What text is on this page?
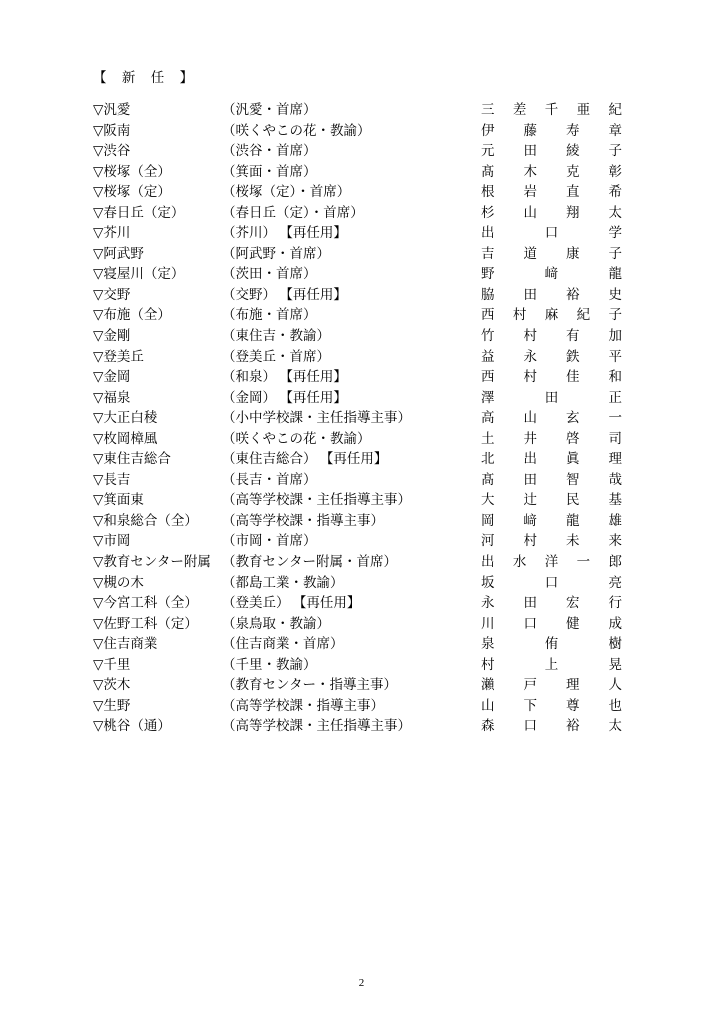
【 新 任 】
▽汎愛	（汎愛・首席）	三 差 千 亜 紀
▽阪南	（咲くやこの花・教諭）	伊 藤 寿 章
▽渋谷	（渋谷・首席）	元 田 綾 子
▽桜塚（全）	（箕面・首席）	髙 木 克 彰
▽桜塚（定）	（桜塚（定）・首席）	根 岩 直 希
▽春日丘（定）	（春日丘（定）・首席）	杉 山 翔 太
▽芥川	（芥川） 【再任用】	出	口	学
▽阿武野	（阿武野・首席）	吉 道 康 子
▽寝屋川（定）	（茨田・首席）	野	﨑	龍
▽交野	（交野） 【再任用】	脇 田 裕 史
▽布施（全）	（布施・首席）	西 村 麻 紀 子
▽金剛	（東住吉・教諭）	竹 村 有 加
▽登美丘	（登美丘・首席）	益 永 鉄 平
▽金岡	（和泉） 【再任用】	西 村 佳 和
▽福泉	（金岡） 【再任用】	澤	田	正
▽大正白稜	（小中学校課・主任指導主事）	高 山 玄 一
▽枚岡樟風	（咲くやこの花・教諭）	土 井 啓 司
▽東住吉総合	（東住吉総合） 【再任用】	北 出 眞 理
▽長吉	（長吉・首席）	髙 田 智 哉
▽箕面東	（高等学校課・主任指導主事）	大 辻 民 基
▽和泉総合（全） （高等学校課・指導主事）	岡 﨑 龍 雄
▽市岡	（市岡・首席）	河 村 未 来
▽教育センター附属 （教育センター附属・首席）	出 水 洋 一 郎
▽槻の木	（都島工業・教諭）	坂	口	亮
▽今宮工科（全） （登美丘） 【再任用】	永 田 宏 行
▽佐野工科（定） （泉鳥取・教諭）	川 口 健 成
▽住吉商業	（住吉商業・首席）	泉	侑	樹
▽千里	（千里・教諭）	村	上	晃
▽茨木	（教育センター・指導主事）	瀨 戸 理 人
▽生野	（高等学校課・指導主事）	山 下 尊 也
▽桃谷（通）	（高等学校課・主任指導主事）	森 口 裕 太
2
